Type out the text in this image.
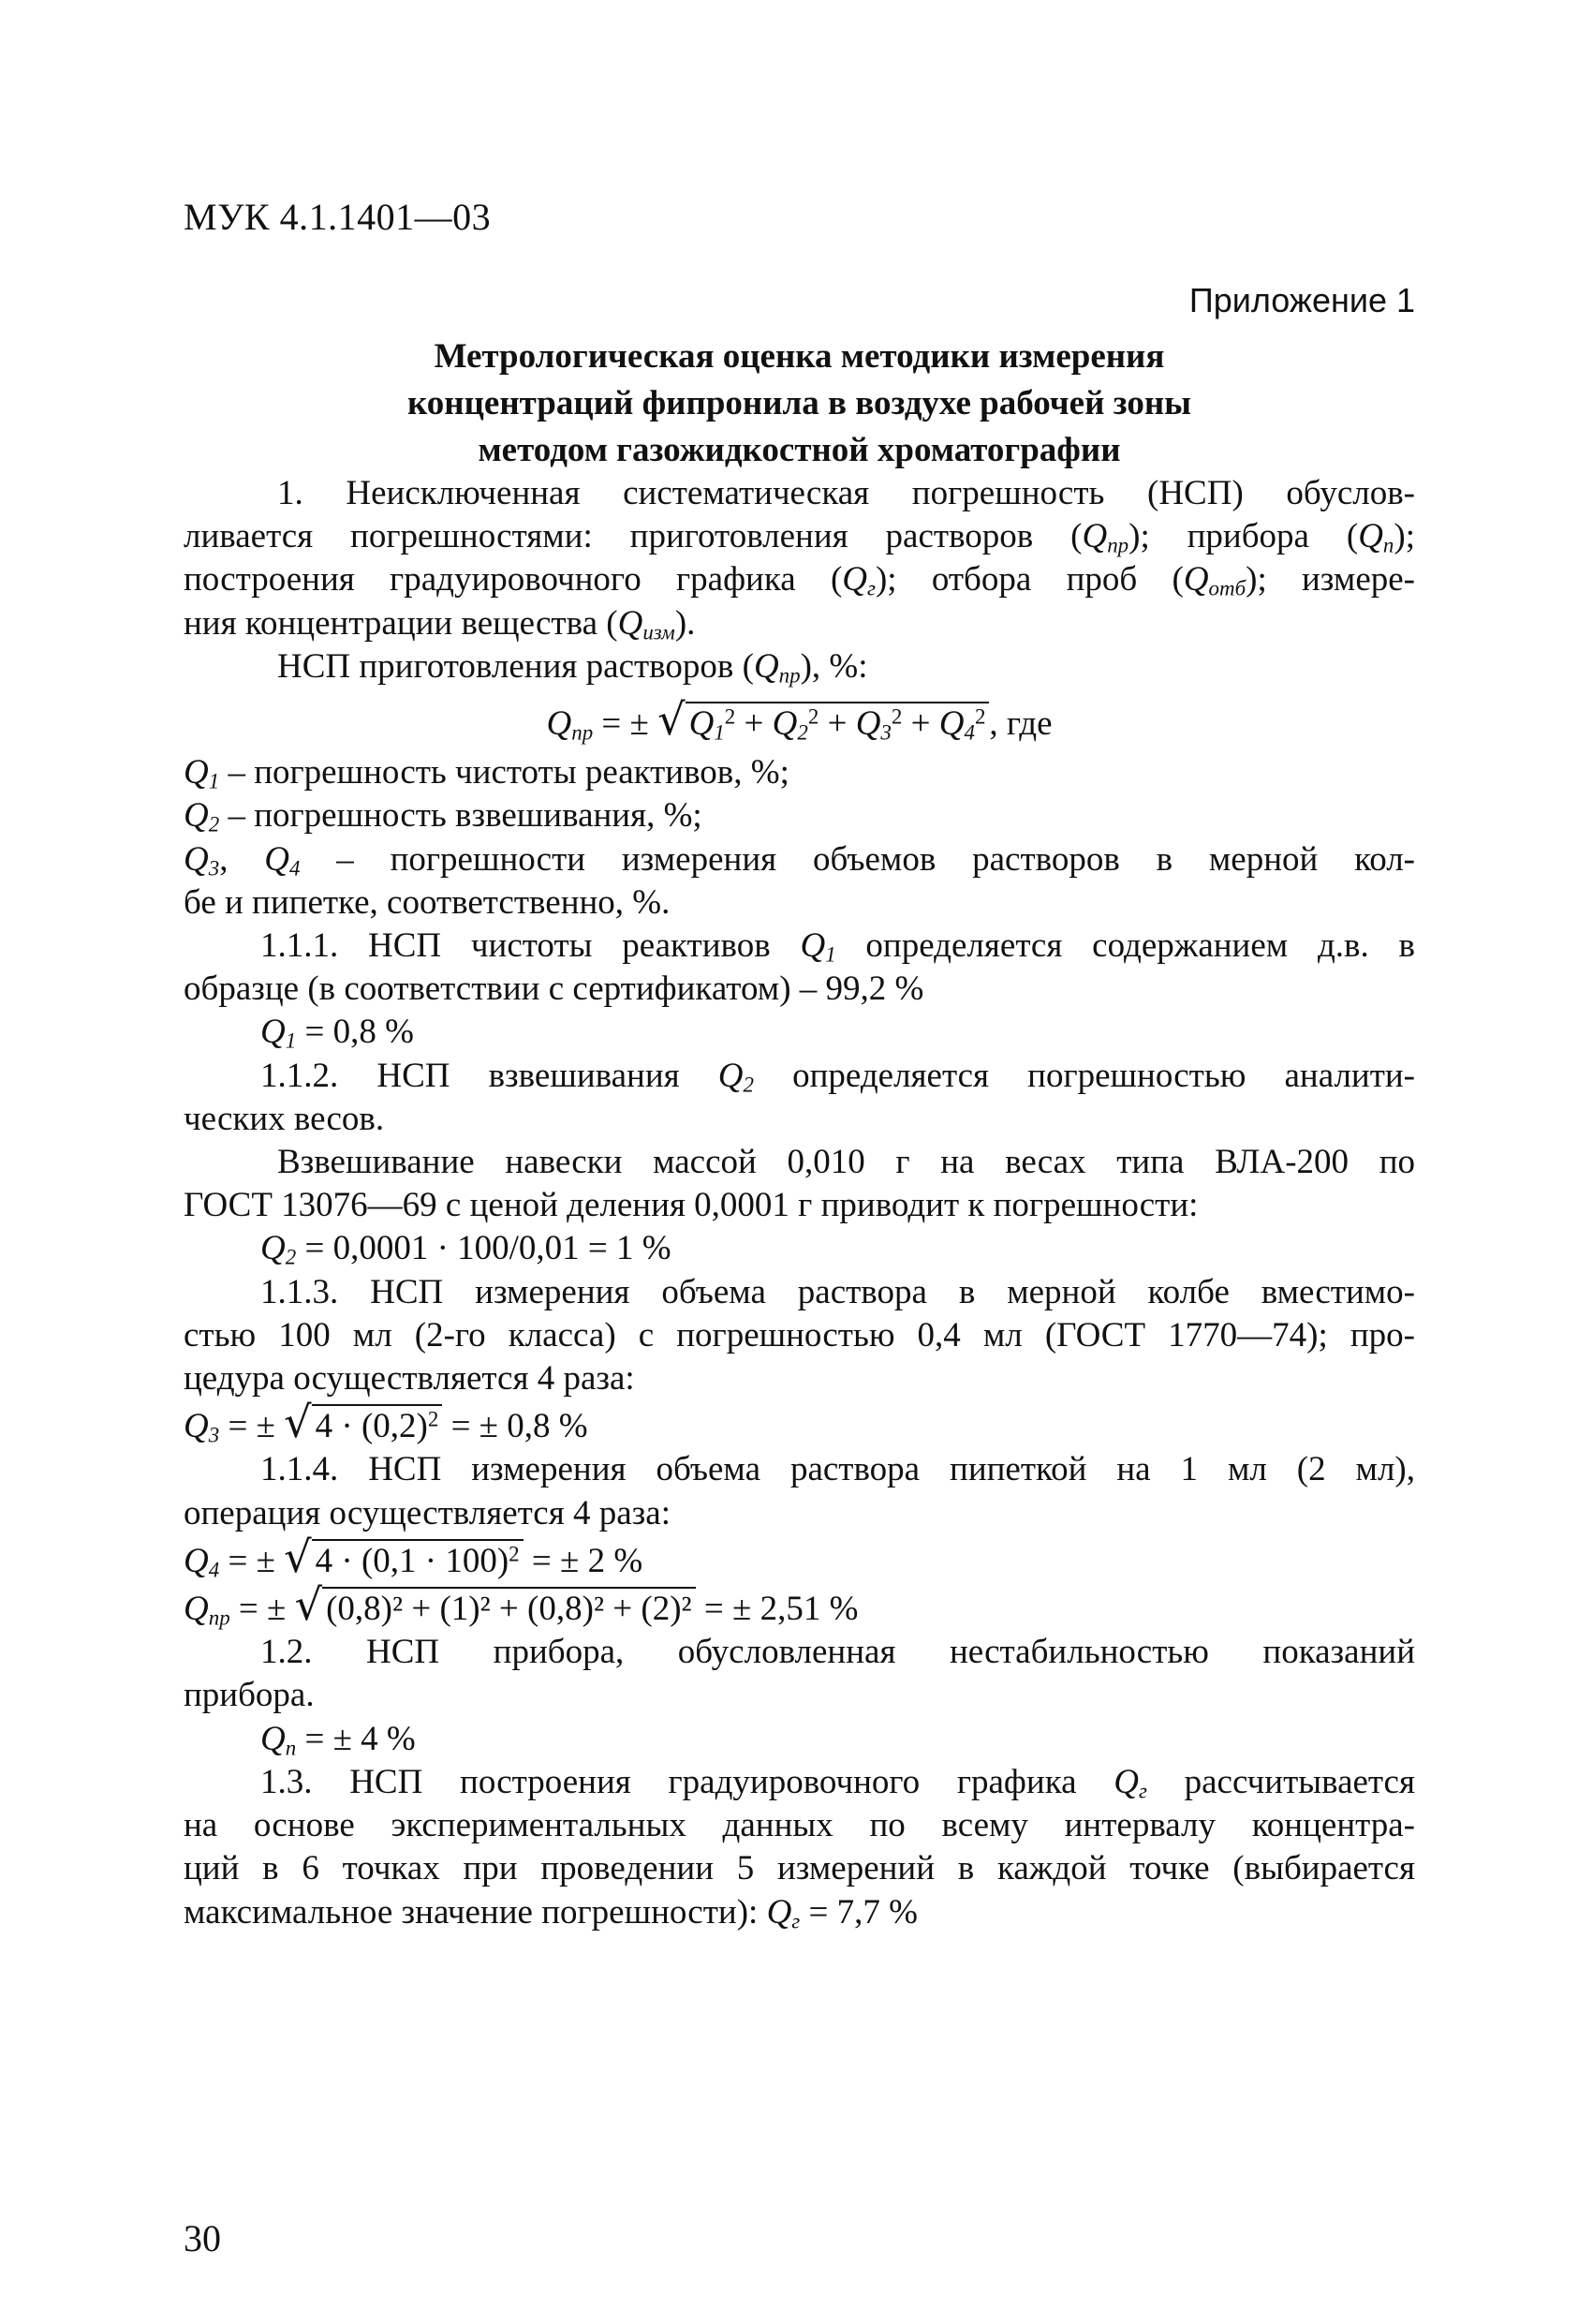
МУК 4.1.1401—03
Приложение 1
Метрологическая оценка методики измерения
концентраций фипронила в воздухе рабочей зоны
методом газожидкостной хроматографии

1. Неисключенная систематическая погрешность (НСП) обуслов-

ливается погрешностями: приготовления растворов $(Q_{пр})$; прибора $(Q_п)$;

построения градуировочного графика $(Q_г)$; отбора проб $(Q_{отб})$; измере-

ния концентрации вещества $(Q_{изм})$.

НСП приготовления растворов $(Q_{пр})$, %:

$Q_{пр}$ = ± √ $Q_1^2 + Q_2^2 + Q_3^2 + Q_4^2$ , где

$Q_1$ – погрешность чистоты реактивов, %;

$Q_2$ – погрешность взвешивания, %;

$Q_3$, $Q_4$ – погрешности измерения объемов растворов в мерной кол-

бе и пипетке, соответственно, %.

1.1.1. НСП чистоты реактивов $Q_1$ определяется содержанием д.в. в

образце (в соответствии с сертификатом) – 99,2 %

$Q_1 = 0,8$ %

1.1.2. НСП взвешивания $Q_2$ определяется погрешностью аналити-

ческих весов.

Взвешивание навески массой 0,010 г на весах типа ВЛА-200 по

ГОСТ 13076—69 с ценой деления 0,0001 г приводит к погрешности:

$Q_2 = 0,0001 \cdot 100/0,01 = 1$ %

1.1.3. НСП измерения объема раствора в мерной колбе вместимо-

стью 100 мл (2-го класса) с погрешностью 0,4 мл (ГОСТ 1770—74); про-

цедура осуществляется 4 раза:

$Q_3$ = ± √ $4 \cdot (0,2)^2$ = ± 0,8 %

1.1.4. НСП измерения объема раствора пипеткой на 1 мл (2 мл),

операция осуществляется 4 раза:

$Q_4$ = ± √ $4 \cdot (0,1 \cdot 100)^2$ = ± 2 %

$Q_{пр}$ = ± √ (0,8)² + (1)² + (0,8)² + (2)² = ± 2,51 %

1.2. НСП прибора, обусловленная нестабильностью показаний

прибора.

$Q_п$ = ± 4 %

1.3. НСП построения градуировочного графика $Q_г$ рассчитывается

на основе экспериментальных данных по всему интервалу концентра-

ций в 6 точках при проведении 5 измерений в каждой точке (выбирается

максимальное значение погрешности): $Q_г = 7,7$ %

30
